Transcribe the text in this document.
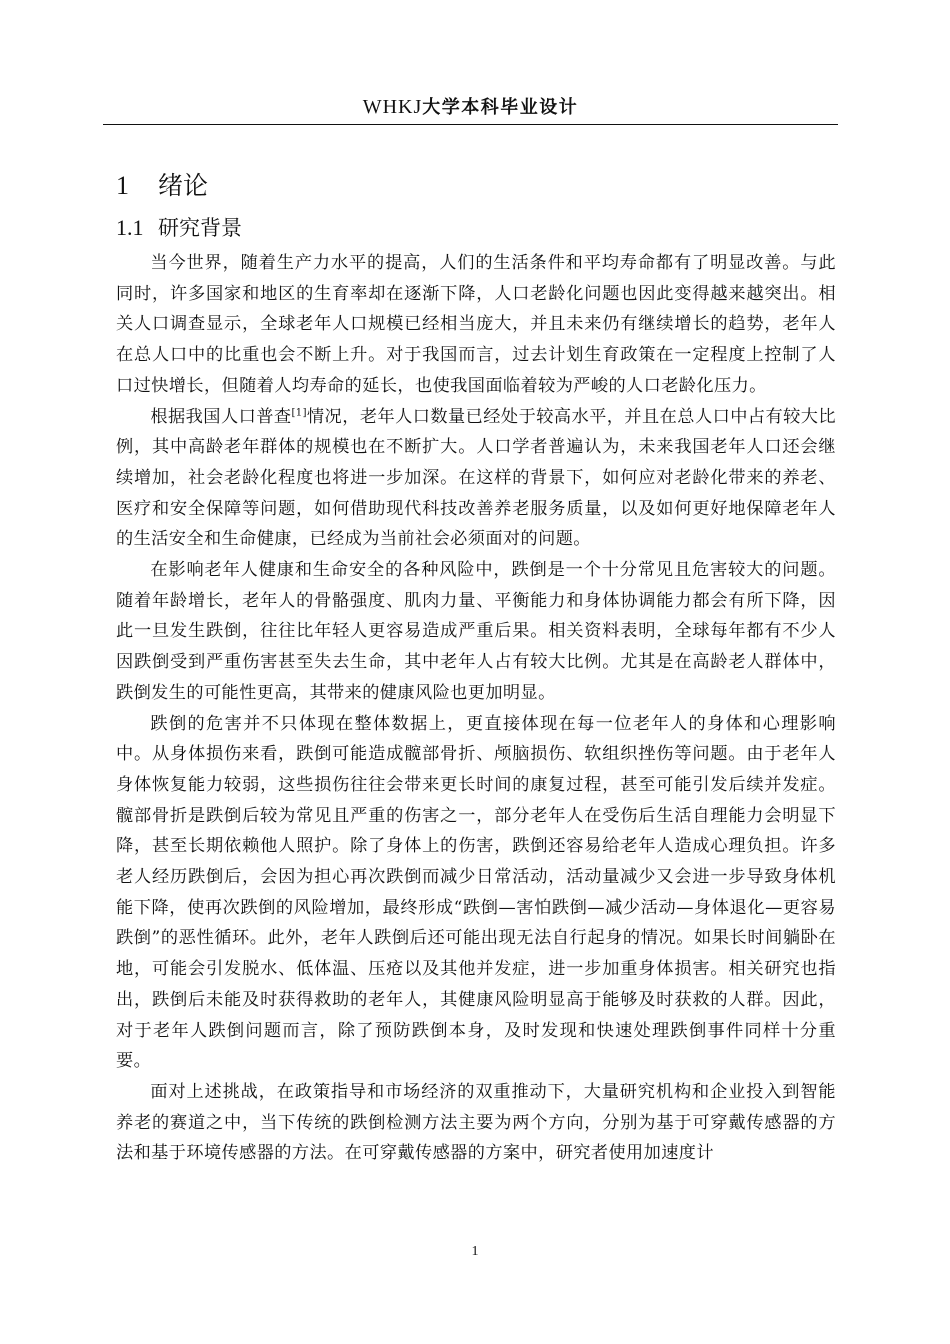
WHKJ大学本科毕业设计
1 绪论
1.1 研究背景

当今世界，随着生产力水平的提高，人们的生活条件和平均寿命都有了明显改善。与此同时，许多国家和地区的生育率却在逐渐下降，人口老龄化问题也因此变得越来越突出。相关人口调查显示，全球老年人口规模已经相当庞大，并且未来仍有继续增长的趋势，老年人在总人口中的比重也会不断上升。对于我国而言，过去计划生育政策在一定程度上控制了人口过快增长，但随着人均寿命的延长，也使我国面临着较为严峻的人口老龄化压力。

根据我国人口普查[1]情况，老年人口数量已经处于较高水平，并且在总人口中占有较大比例，其中高龄老年群体的规模也在不断扩大。人口学者普遍认为，未来我国老年人口还会继续增加，社会老龄化程度也将进一步加深。在这样的背景下，如何应对老龄化带来的养老、医疗和安全保障等问题，如何借助现代科技改善养老服务质量，以及如何更好地保障老年人的生活安全和生命健康，已经成为当前社会必须面对的问题。

在影响老年人健康和生命安全的各种风险中，跌倒是一个十分常见且危害较大的问题。随着年龄增长，老年人的骨骼强度、肌肉力量、平衡能力和身体协调能力都会有所下降，因此一旦发生跌倒，往往比年轻人更容易造成严重后果。相关资料表明，全球每年都有不少人因跌倒受到严重伤害甚至失去生命，其中老年人占有较大比例。尤其是在高龄老人群体中，跌倒发生的可能性更高，其带来的健康风险也更加明显。

跌倒的危害并不只体现在整体数据上，更直接体现在每一位老年人的身体和心理影响中。从身体损伤来看，跌倒可能造成髋部骨折、颅脑损伤、软组织挫伤等问题。由于老年人身体恢复能力较弱，这些损伤往往会带来更长时间的康复过程，甚至可能引发后续并发症。髋部骨折是跌倒后较为常见且严重的伤害之一，部分老年人在受伤后生活自理能力会明显下降，甚至长期依赖他人照护。除了身体上的伤害，跌倒还容易给老年人造成心理负担。许多老人经历跌倒后，会因为担心再次跌倒而减少日常活动，活动量减少又会进一步导致身体机能下降，使再次跌倒的风险增加，最终形成“跌倒—害怕跌倒—减少活动—身体退化—更容易跌倒”的恶性循环。此外，老年人跌倒后还可能出现无法自行起身的情况。如果长时间躺卧在地，可能会引发脱水、低体温、压疮以及其他并发症，进一步加重身体损害。相关研究也指出，跌倒后未能及时获得救助的老年人，其健康风险明显高于能够及时获救的人群。因此，对于老年人跌倒问题而言，除了预防跌倒本身，及时发现和快速处理跌倒事件同样十分重要。

面对上述挑战，在政策指导和市场经济的双重推动下，大量研究机构和企业投入到智能养老的赛道之中，当下传统的跌倒检测方法主要为两个方向，分别为基于可穿戴传感器的方法和基于环境传感器的方法。在可穿戴传感器的方案中，研究者使用加速度计

1
